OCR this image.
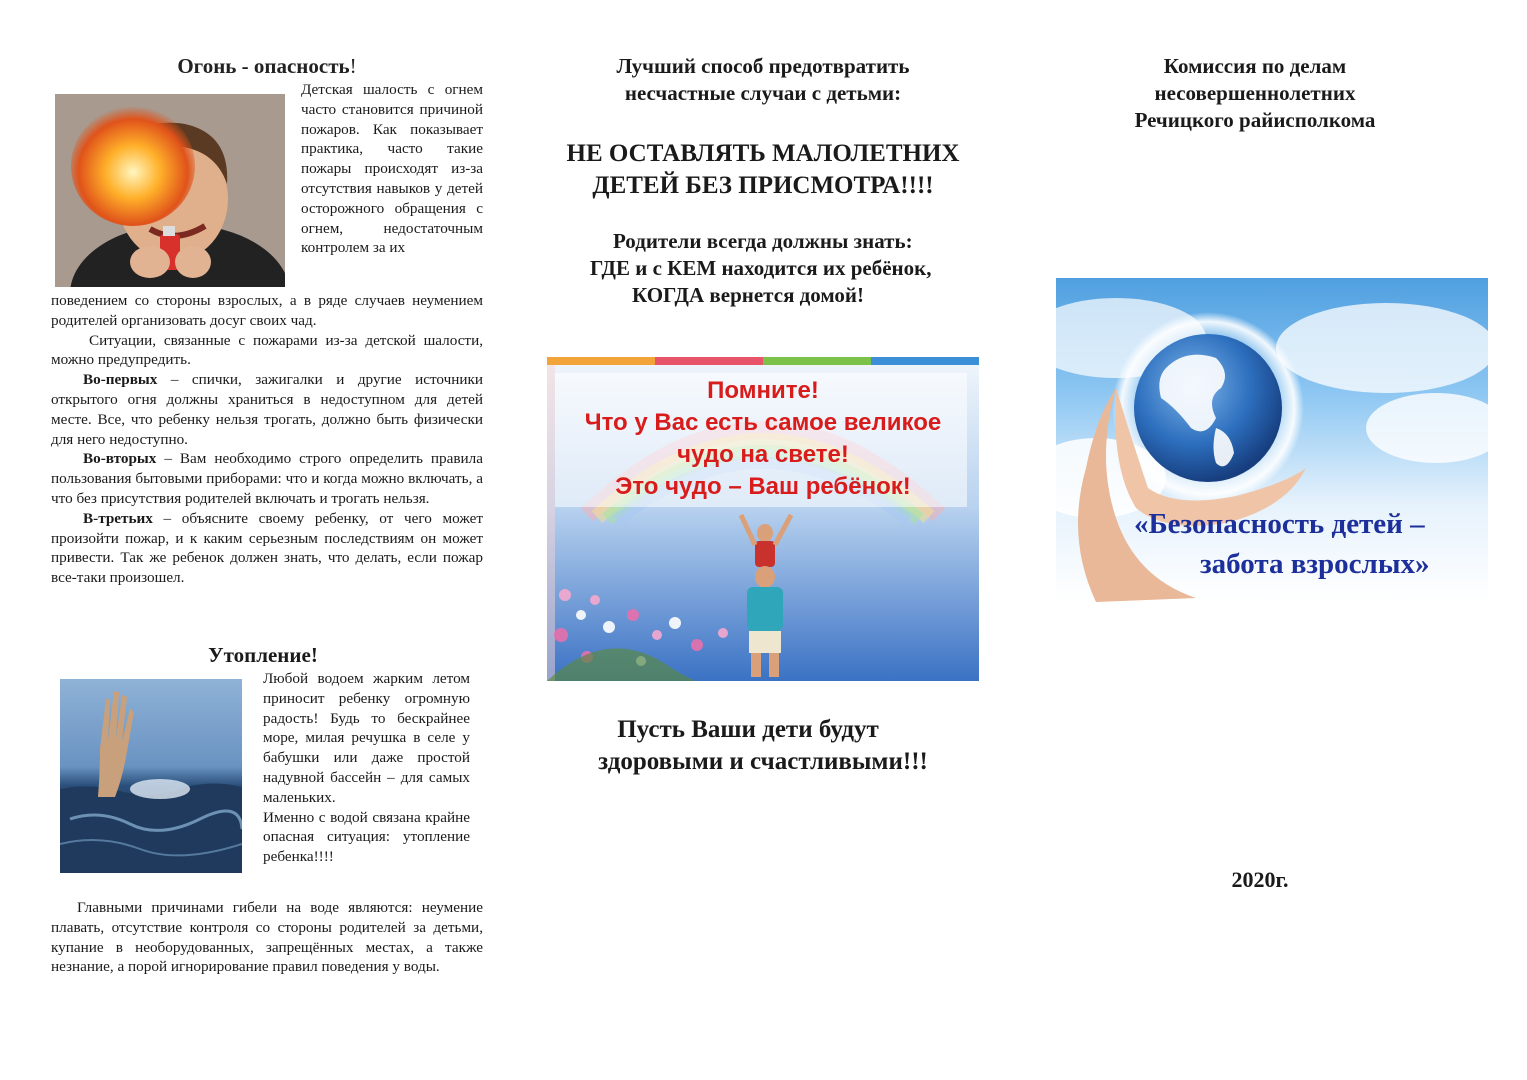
Огонь - опасность!

Детская шалость с огнем часто становится причиной пожаров. Как показывает практика, часто такие пожары происходят из-за отсутствия навыков у детей осторожного обращения с огнем, недостаточным контролем за их

поведением со стороны взрослых, а в ряде случаев неумением родителей организовать досуг своих чад.

Ситуации, связанные с пожарами из-за детской шалости, можно предупредить.

Во-первых – спички, зажигалки и другие источники открытого огня должны храниться в недоступном для детей месте. Все, что ребенку нельзя трогать, должно быть физически для него недоступно.

Во-вторых – Вам необходимо строго определить правила пользования бытовыми приборами: что и когда можно включать, а что без присутствия родителей включать и трогать нельзя.

В-третьих – объясните своему ребенку, от чего может произойти пожар, и к каким серьезным последствиям он может привести. Так же ребенок должен знать, что делать, если пожар все-таки произошел.

Утопление!

Любой водоем жарким летом приносит ребенку огромную радость! Будь то бескрайнее море, милая речушка в селе у бабушки или даже простой надувной бассейн – для самых маленьких.

Именно с водой связана крайне опасная ситуация: утопление ребенка!!!!

Главными причинами гибели на воде являются: неумение плавать, отсутствие контроля со стороны родителей за детьми, купание в необорудованных, запрещённых местах, а также незнание, а порой игнорирование правил поведения у воды.

Лучший способ предотвратить
несчастные случаи с детьми:
НЕ ОСТАВЛЯТЬ МАЛОЛЕТНИХ
ДЕТЕЙ БЕЗ ПРИСМОТРА!!!!
Родители всегда должны знать:
ГДЕ и с КЕМ находится их ребёнок,
КОГДА вернется домой!
Помните!
Что у Вас есть самое великое
чудо на свете!
Это чудо – Ваш ребёнок!
Пусть Ваши дети будут
здоровыми и счастливыми!!!
Комиссия по делам
несовершеннолетних
Речицкого райисполкома
«Безопасность детей –
забота взрослых»
2020г.
